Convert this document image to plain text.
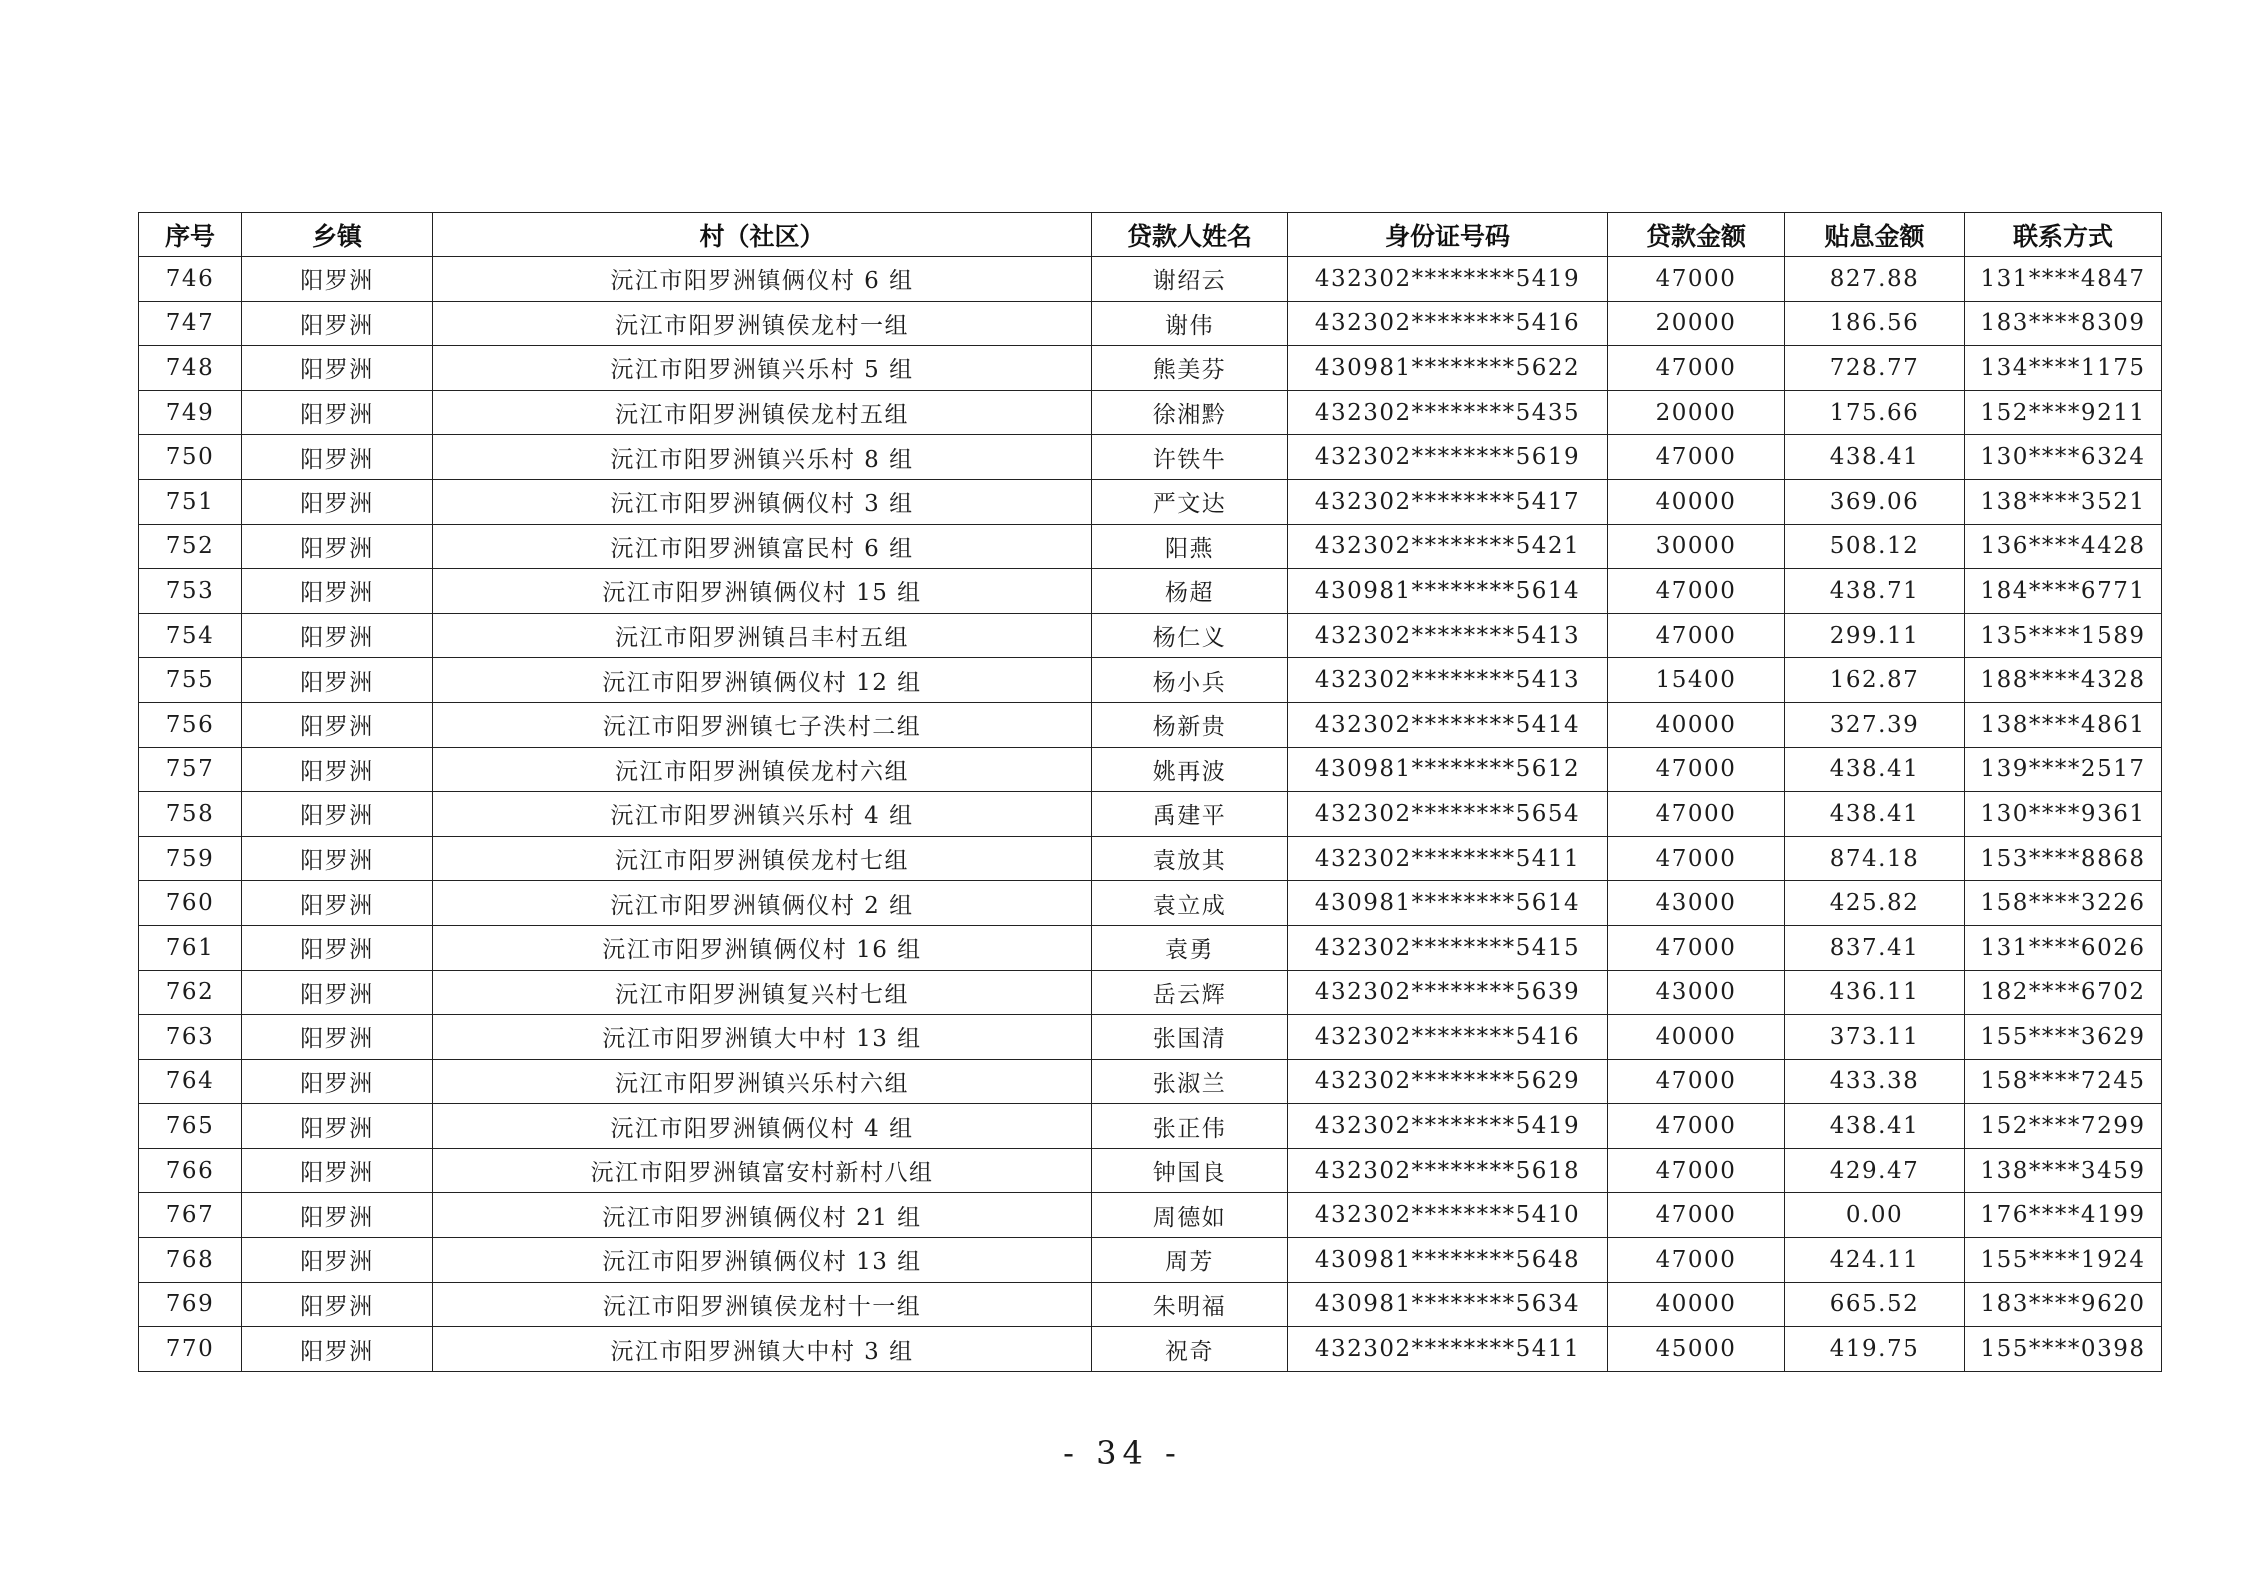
序号	乡镇	村（社区）	贷款人姓名	身份证号码	贷款金额	贴息金额	联系方式
746	阳罗洲	沅江市阳罗洲镇俩仪村 6 组	谢绍云	432302********5419	47000	827.88	131****4847
747	阳罗洲	沅江市阳罗洲镇侯龙村一组	谢伟	432302********5416	20000	186.56	183****8309
748	阳罗洲	沅江市阳罗洲镇兴乐村 5 组	熊美芬	430981********5622	47000	728.77	134****1175
749	阳罗洲	沅江市阳罗洲镇侯龙村五组	徐湘黔	432302********5435	20000	175.66	152****9211
750	阳罗洲	沅江市阳罗洲镇兴乐村 8 组	许铁牛	432302********5619	47000	438.41	130****6324
751	阳罗洲	沅江市阳罗洲镇俩仪村 3 组	严文达	432302********5417	40000	369.06	138****3521
752	阳罗洲	沅江市阳罗洲镇富民村 6 组	阳燕	432302********5421	30000	508.12	136****4428
753	阳罗洲	沅江市阳罗洲镇俩仪村 15 组	杨超	430981********5614	47000	438.71	184****6771
754	阳罗洲	沅江市阳罗洲镇吕丰村五组	杨仁义	432302********5413	47000	299.11	135****1589
755	阳罗洲	沅江市阳罗洲镇俩仪村 12 组	杨小兵	432302********5413	15400	162.87	188****4328
756	阳罗洲	沅江市阳罗洲镇七子泆村二组	杨新贵	432302********5414	40000	327.39	138****4861
757	阳罗洲	沅江市阳罗洲镇侯龙村六组	姚再波	430981********5612	47000	438.41	139****2517
758	阳罗洲	沅江市阳罗洲镇兴乐村 4 组	禹建平	432302********5654	47000	438.41	130****9361
759	阳罗洲	沅江市阳罗洲镇侯龙村七组	袁放其	432302********5411	47000	874.18	153****8868
760	阳罗洲	沅江市阳罗洲镇俩仪村 2 组	袁立成	430981********5614	43000	425.82	158****3226
761	阳罗洲	沅江市阳罗洲镇俩仪村 16 组	袁勇	432302********5415	47000	837.41	131****6026
762	阳罗洲	沅江市阳罗洲镇复兴村七组	岳云辉	432302********5639	43000	436.11	182****6702
763	阳罗洲	沅江市阳罗洲镇大中村 13 组	张国清	432302********5416	40000	373.11	155****3629
764	阳罗洲	沅江市阳罗洲镇兴乐村六组	张淑兰	432302********5629	47000	433.38	158****7245
765	阳罗洲	沅江市阳罗洲镇俩仪村 4 组	张正伟	432302********5419	47000	438.41	152****7299
766	阳罗洲	沅江市阳罗洲镇富安村新村八组	钟国良	432302********5618	47000	429.47	138****3459
767	阳罗洲	沅江市阳罗洲镇俩仪村 21 组	周德如	432302********5410	47000	0.00	176****4199
768	阳罗洲	沅江市阳罗洲镇俩仪村 13 组	周芳	430981********5648	47000	424.11	155****1924
769	阳罗洲	沅江市阳罗洲镇侯龙村十一组	朱明福	430981********5634	40000	665.52	183****9620
770	阳罗洲	沅江市阳罗洲镇大中村 3 组	祝奇	432302********5411	45000	419.75	155****0398
- 34 -
